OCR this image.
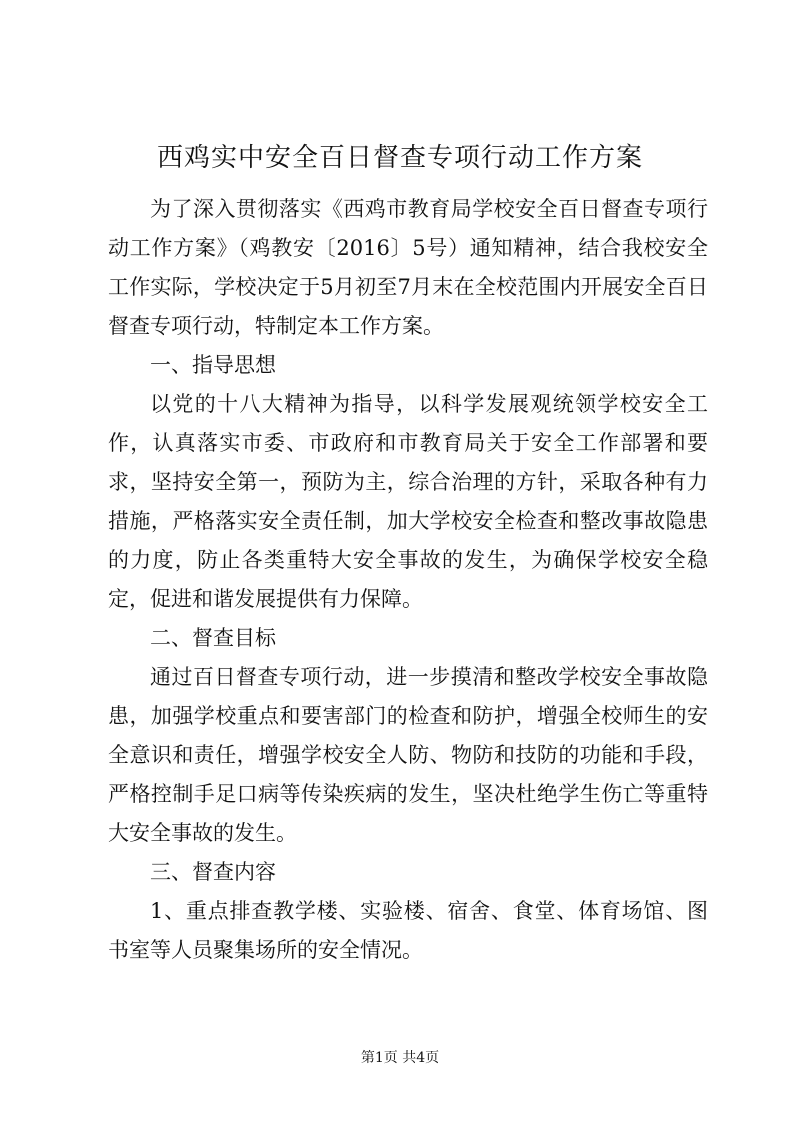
西鸡实中安全百日督查专项行动工作方案

为了深入贯彻落实《西鸡市教育局学校安全百日督查专项行动工作方案》（鸡教安〔2016〕5号）通知精神，结合我校安全工作实际，学校决定于5月初至7月末在全校范围内开展安全百日督查专项行动，特制定本工作方案。

一、指导思想

以党的十八大精神为指导，以科学发展观统领学校安全工作，认真落实市委、市政府和市教育局关于安全工作部署和要求，坚持安全第一，预防为主，综合治理的方针，采取各种有力措施，严格落实安全责任制，加大学校安全检查和整改事故隐患的力度，防止各类重特大安全事故的发生，为确保学校安全稳定，促进和谐发展提供有力保障。

二、督查目标

通过百日督查专项行动，进一步摸清和整改学校安全事故隐患，加强学校重点和要害部门的检查和防护，增强全校师生的安全意识和责任，增强学校安全人防、物防和技防的功能和手段，严格控制手足口病等传染疾病的发生，坚决杜绝学生伤亡等重特大安全事故的发生。

三、督查内容

1、重点排查教学楼、实验楼、宿舍、食堂、体育场馆、图书室等人员聚集场所的安全情况。

第1页 共4页
